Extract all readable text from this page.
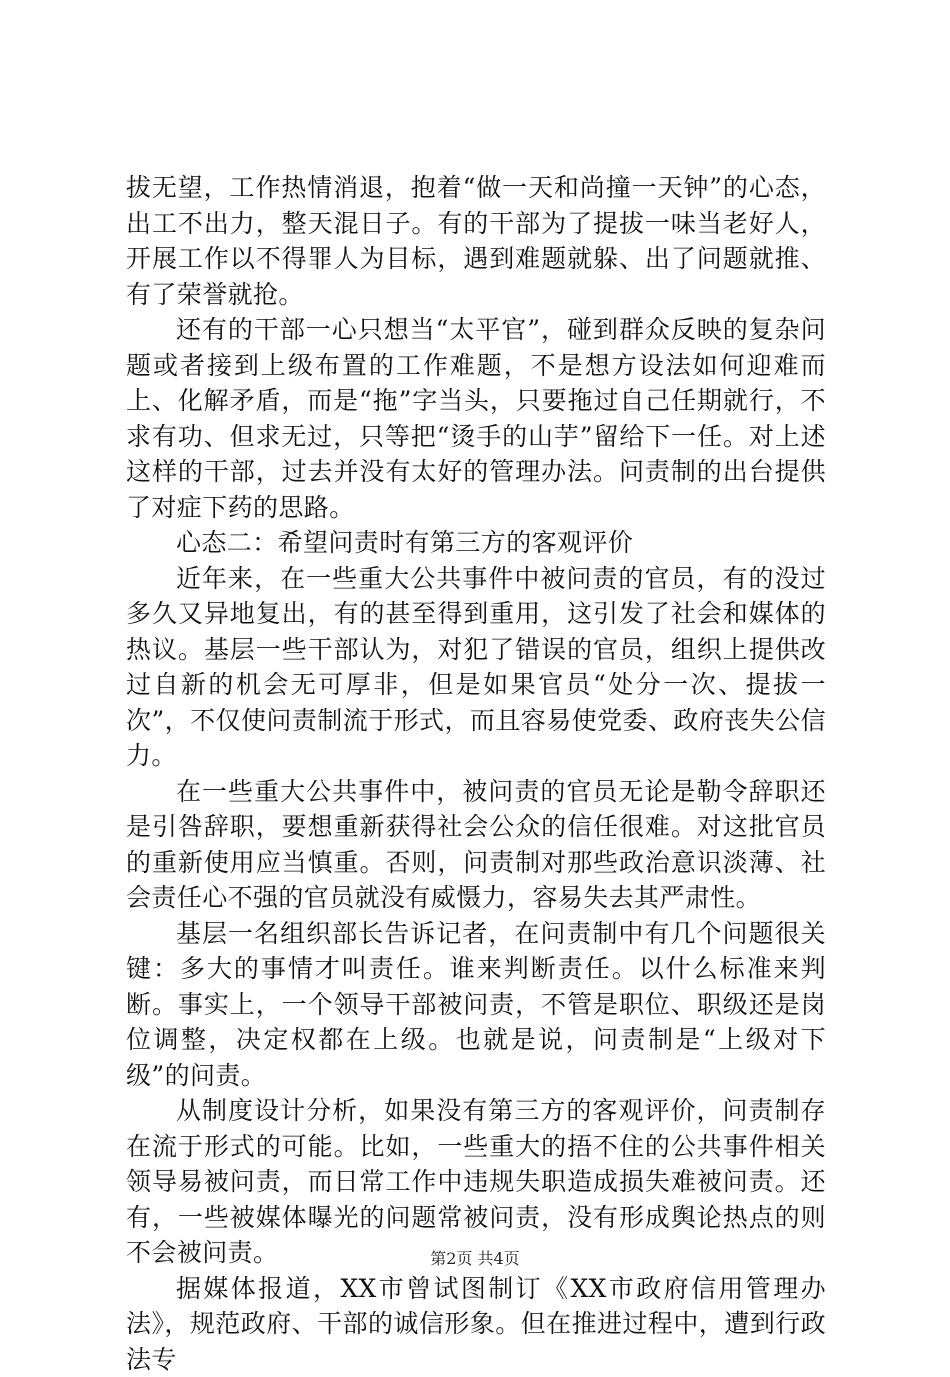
拔无望，工作热情消退，抱着“做一天和尚撞一天钟”的心态，出工不出力，整天混日子。有的干部为了提拔一味当老好人，开展工作以不得罪人为目标，遇到难题就躲、出了问题就推、有了荣誉就抢。

还有的干部一心只想当“太平官”，碰到群众反映的复杂问题或者接到上级布置的工作难题，不是想方设法如何迎难而上、化解矛盾，而是“拖”字当头，只要拖过自己任期就行，不求有功、但求无过，只等把“烫手的山芋”留给下一任。对上述这样的干部，过去并没有太好的管理办法。问责制的出台提供了对症下药的思路。

心态二：希望问责时有第三方的客观评价

近年来，在一些重大公共事件中被问责的官员，有的没过多久又异地复出，有的甚至得到重用，这引发了社会和媒体的热议。基层一些干部认为，对犯了错误的官员，组织上提供改过自新的机会无可厚非，但是如果官员“处分一次、提拔一次”，不仅使问责制流于形式，而且容易使党委、政府丧失公信力。

在一些重大公共事件中，被问责的官员无论是勒令辞职还是引咎辞职，要想重新获得社会公众的信任很难。对这批官员的重新使用应当慎重。否则，问责制对那些政治意识淡薄、社会责任心不强的官员就没有威慑力，容易失去其严肃性。

基层一名组织部长告诉记者，在问责制中有几个问题很关键：多大的事情才叫责任。谁来判断责任。以什么标准来判断。事实上，一个领导干部被问责，不管是职位、职级还是岗位调整，决定权都在上级。也就是说，问责制是“上级对下级”的问责。

从制度设计分析，如果没有第三方的客观评价，问责制存在流于形式的可能。比如，一些重大的捂不住的公共事件相关领导易被问责，而日常工作中违规失职造成损失难被问责。还有，一些被媒体曝光的问题常被问责，没有形成舆论热点的则不会被问责。

据媒体报道，XX市曾试图制订《XX市政府信用管理办法》，规范政府、干部的诚信形象。但在推进过程中，遭到行政法专

第2页 共4页
